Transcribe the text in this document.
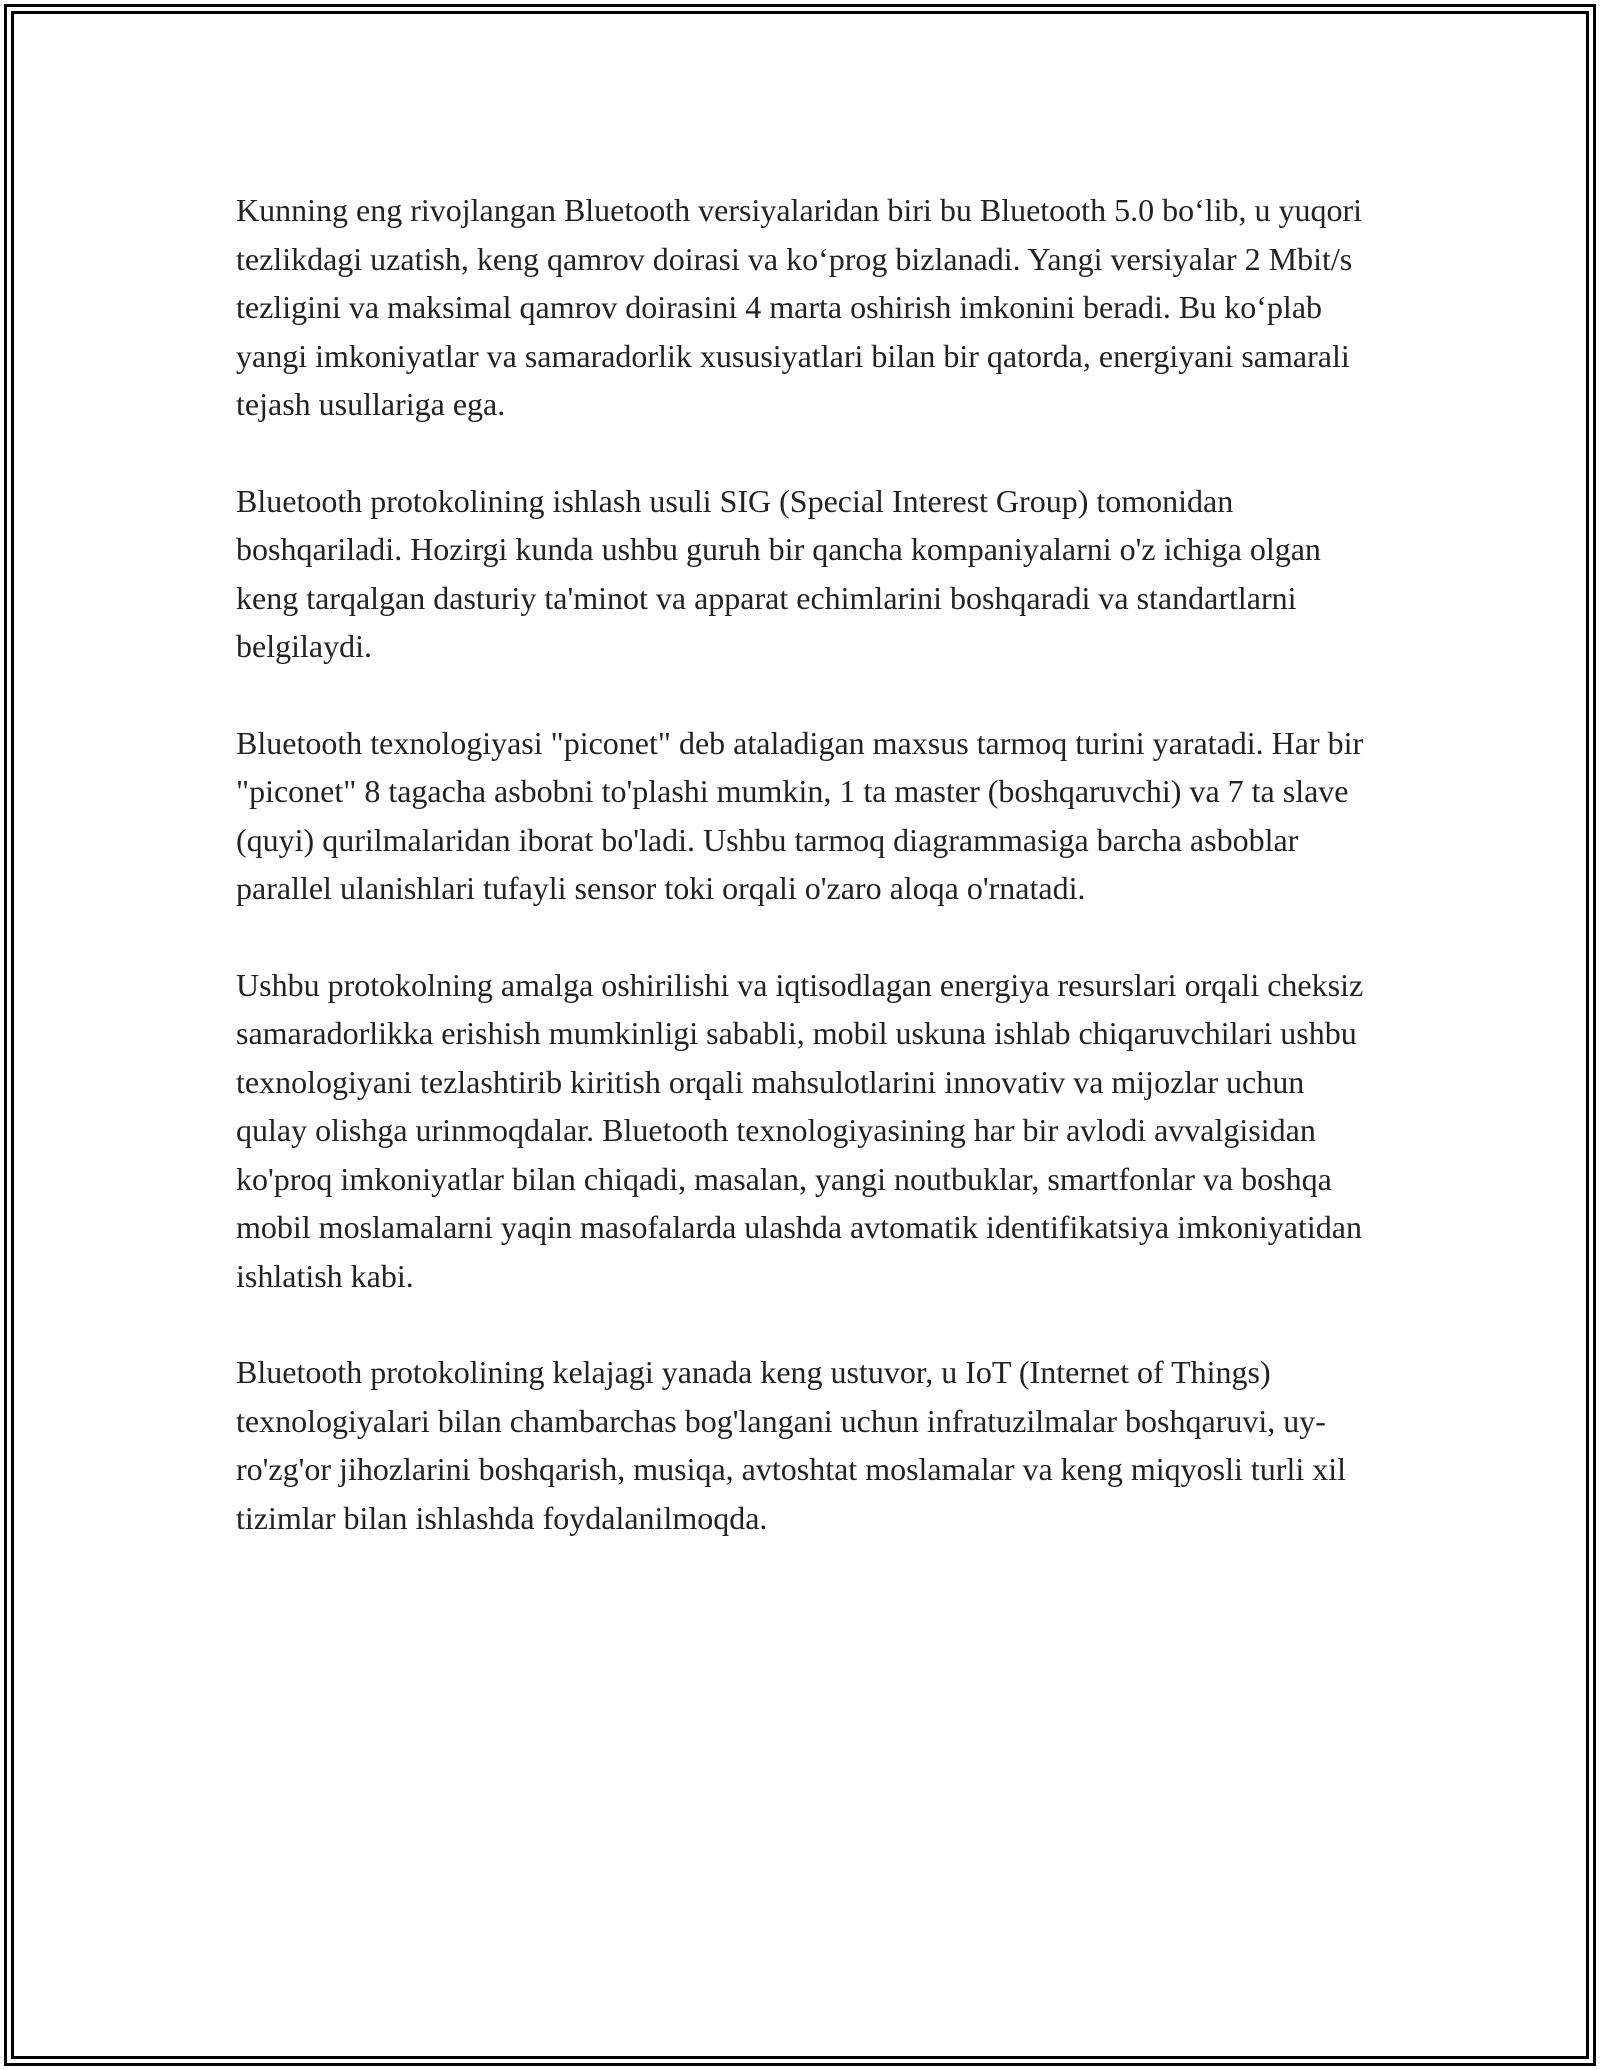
Kunning eng rivojlangan Bluetooth versiyalaridan biri bu Bluetooth 5.0 bo‘lib, u yuqori tezlikdagi uzatish, keng qamrov doirasi va ko‘prog bizlanadi. Yangi versiyalar 2 Mbit/s tezligini va maksimal qamrov doirasini 4 marta oshirish imkonini beradi. Bu ko‘plab yangi imkoniyatlar va samaradorlik xususiyatlari bilan bir qatorda, energiyani samarali tejash usullariga ega.

Bluetooth protokolining ishlash usuli SIG (Special Interest Group) tomonidan boshqariladi. Hozirgi kunda ushbu guruh bir qancha kompaniyalarni o'z ichiga olgan keng tarqalgan dasturiy ta'minot va apparat echimlarini boshqaradi va standartlarni belgilaydi.

Bluetooth texnologiyasi "piconet" deb ataladigan maxsus tarmoq turini yaratadi. Har bir "piconet" 8 tagacha asbobni to'plashi mumkin, 1 ta master (boshqaruvchi) va 7 ta slave (quyi) qurilmalaridan iborat bo'ladi. Ushbu tarmoq diagrammasiga barcha asboblar parallel ulanishlari tufayli sensor toki orqali o'zaro aloqa o'rnatadi.

Ushbu protokolning amalga oshirilishi va iqtisodlagan energiya resurslari orqali cheksiz samaradorlikka erishish mumkinligi sababli, mobil uskuna ishlab chiqaruvchilari ushbu texnologiyani tezlashtirib kiritish orqali mahsulotlarini innovativ va mijozlar uchun qulay olishga urinmoqdalar. Bluetooth texnologiyasining har bir avlodi avvalgisidan ko'proq imkoniyatlar bilan chiqadi, masalan, yangi noutbuklar, smartfonlar va boshqa mobil moslamalarni yaqin masofalarda ulashda avtomatik identifikatsiya imkoniyatidan ishlatish kabi.

Bluetooth protokolining kelajagi yanada keng ustuvor, u IoT (Internet of Things) texnologiyalari bilan chambarchas bog'langani uchun infratuzilmalar boshqaruvi, uy-ro'zg'or jihozlarini boshqarish, musiqa, avtoshtat moslamalar va keng miqyosli turli xil tizimlar bilan ishlashda foydalanilmoqda.
